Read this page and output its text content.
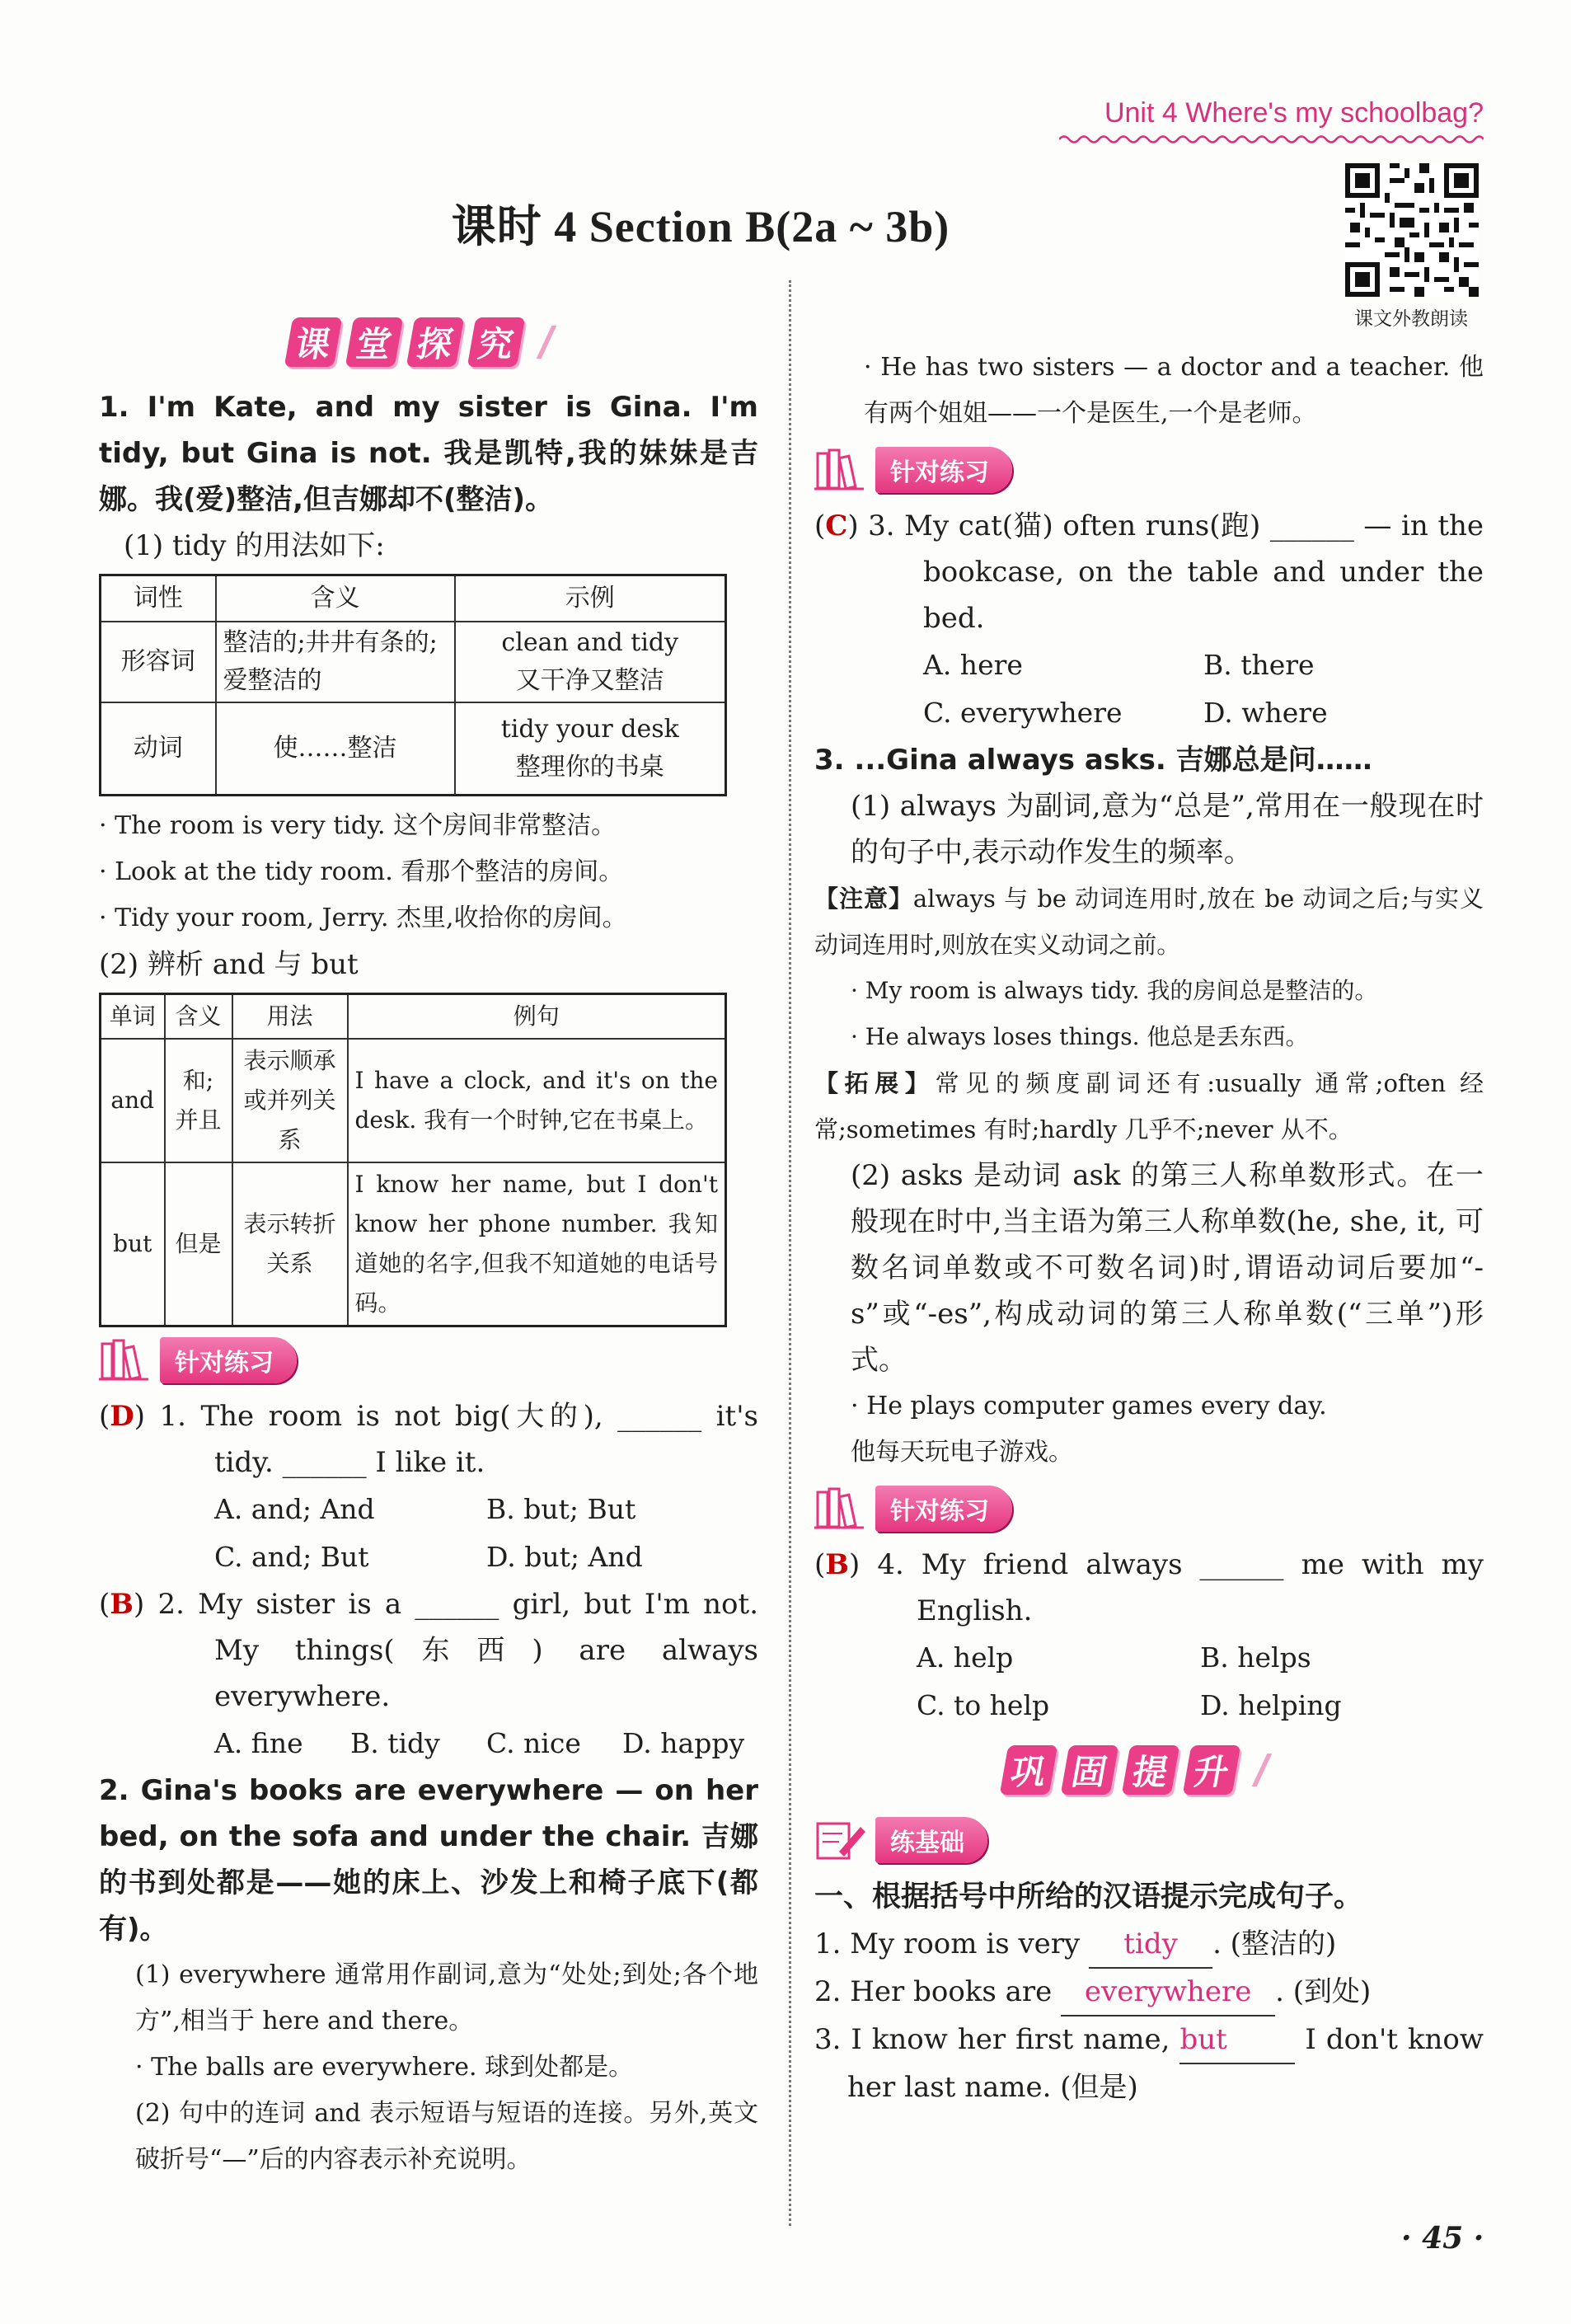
Unit 4 Where's my schoolbag?
课时 4 Section B(2a ~ 3b)
课文外教朗读
课 堂 探 究
1. I'm Kate, and my sister is Gina. I'm tidy, but Gina is not. 我是凯特,我的妹妹是吉娜。我(爱)整洁,但吉娜却不(整洁)。
(1) tidy 的用法如下:
词性	含义	示例
形容词	整洁的;井井有条的;爱整洁的	clean and tidy
又干净又整洁

动词	使……整洁	tidy your desk
整理你的书桌
· The room is very tidy. 这个房间非常整洁。
· Look at the tidy room. 看那个整洁的房间。
· Tidy your room, Jerry. 杰里,收拾你的房间。
(2) 辨析 and 与 but
单词	含义	用法	例句
and	和;并且	表示顺承或并列关系	I have a clock, and it's on the desk. 我有一个时钟,它在书桌上。
but	但是	表示转折关系	I know her name, but I don't know her phone number. 我知道她的名字,但我不知道她的电话号码。
针对练习
(D) 1. The room is not big(大的), ______ it's tidy. ______ I like it.
A. and; And	B. but; But
C. and; But	D. but; And
(B) 2. My sister is a ______ girl, but I'm not. My things(东西) are always everywhere.
A. fine	B. tidy	C. nice	D. happy
2. Gina's books are everywhere — on her bed, on the sofa and under the chair. 吉娜的书到处都是——她的床上、沙发上和椅子底下(都有)。
(1) everywhere 通常用作副词,意为“处处;到处;各个地方”,相当于 here and there。
· The balls are everywhere. 球到处都是。
(2) 句中的连词 and 表示短语与短语的连接。另外,英文破折号“—”后的内容表示补充说明。
· He has two sisters — a doctor and a teacher. 他有两个姐姐——一个是医生,一个是老师。
针对练习
(C) 3. My cat(猫) often runs(跑) ______ — in the bookcase, on the table and under the bed.
A. here	B. there
C. everywhere	D. where
3. ...Gina always asks. 吉娜总是问……
(1) always 为副词,意为“总是”,常用在一般现在时的句子中,表示动作发生的频率。
【注意】always 与 be 动词连用时,放在 be 动词之后;与实义动词连用时,则放在实义动词之前。
· My room is always tidy. 我的房间总是整洁的。
· He always loses things. 他总是丢东西。
【拓展】常见的频度副词还有:usually 通常;often 经常;sometimes 有时;hardly 几乎不;never 从不。
(2) asks 是动词 ask 的第三人称单数形式。在一般现在时中,当主语为第三人称单数(he, she, it, 可数名词单数或不可数名词)时,谓语动词后要加“-s”或“-es”,构成动词的第三人称单数(“三单”)形式。
· He plays computer games every day.
他每天玩电子游戏。
针对练习
(B) 4. My friend always ______ me with my English.
A. help	B. helps
C. to help	D. helping
巩 固 提 升
练基础
一、根据括号中所给的汉语提示完成句子。
1. My room is very tidy . (整洁的)
2. Her books are everywhere . (到处)
3. I know her first name, but	I don't know her last name. (但是)
· 45 ·
